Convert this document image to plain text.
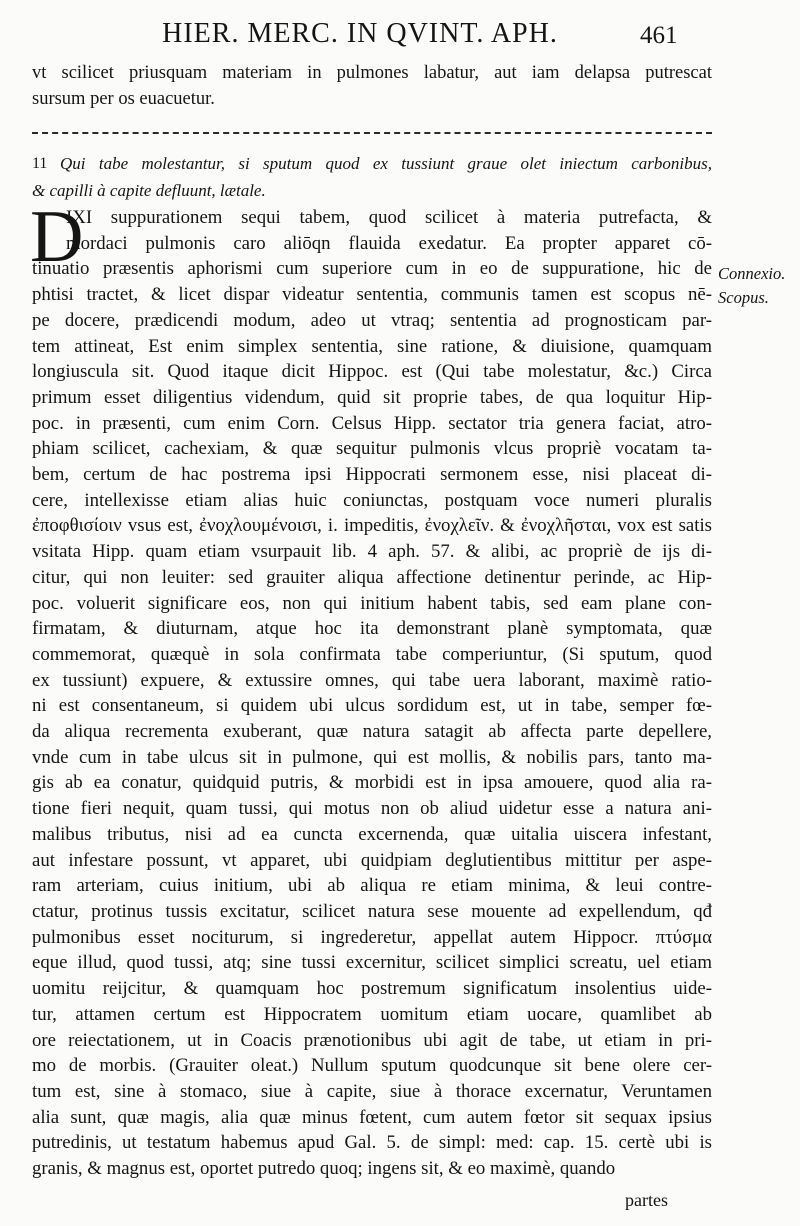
HIER. MERC. IN QVINT. APH.	461
vt scilicet priusquam materiam in pulmones labatur, aut iam delapsa putrescat
sursum per os euacuetur.
11 Qui tabe molestantur, si sputum quod ex tussiunt graue olet iniectum carbonibus,
& capilli à capite defluunt, lætale.
D
IXI suppurationem sequi tabem, quod scilicet à materia putrefacta, &
mordaci pulmonis caro aliōqn flauida exedatur. Ea propter apparet cō-
tinuatio præsentis aphorismi cum superiore cum in eo de suppuratione, hic de
phtisi tractet, & licet dispar videatur sententia, communis tamen est scopus nē-
pe docere, prædicendi modum, adeo ut vtraq; sententia ad prognosticam par-
tem attineat, Est enim simplex sententia, sine ratione, & diuisione, quamquam
longiuscula sit. Quod itaque dicit Hippoc. est (Qui tabe molestatur, &c.) Circa
primum esset diligentius videndum, quid sit proprie tabes, de qua loquitur Hip-
poc. in præsenti, cum enim Corn. Celsus Hipp. sectator tria genera faciat, atro-
phiam scilicet, cachexiam, & quæ sequitur pulmonis vlcus propriè vocatam ta-
bem, certum de hac postrema ipsi Hippocrati sermonem esse, nisi placeat di-
cere, intellexisse etiam alias huic coniunctas, postquam voce numeri pluralis
ἐποφθισίοιν vsus est, ἐνοχλουμένοισι, i. impeditis, ἐνοχλεῖν. & ἐνοχλῆσται, vox est satis
vsitata Hipp. quam etiam vsurpauit lib. 4 aph. 57. & alibi, ac propriè de ijs di-
citur, qui non leuiter: sed grauiter aliqua affectione detinentur perinde, ac Hip-
poc. voluerit significare eos, non qui initium habent tabis, sed eam plane con-
firmatam, & diuturnam, atque hoc ita demonstrant planè symptomata, quæ
commemorat, quæquè in sola confirmata tabe comperiuntur, (Si sputum, quod
ex tussiunt) expuere, & extussire omnes, qui tabe uera laborant, maximè ratio-
ni est consentaneum, si quidem ubi ulcus sordidum est, ut in tabe, semper fœ-
da aliqua recrementa exuberant, quæ natura satagit ab affecta parte depellere,
vnde cum in tabe ulcus sit in pulmone, qui est mollis, & nobilis pars, tanto ma-
gis ab ea conatur, quidquid putris, & morbidi est in ipsa amouere, quod alia ra-
tione fieri nequit, quam tussi, qui motus non ob aliud uidetur esse a natura ani-
malibus tributus, nisi ad ea cuncta excernenda, quæ uitalia uiscera infestant,
aut infestare possunt, vt apparet, ubi quidpiam deglutientibus mittitur per aspe-
ram arteriam, cuius initium, ubi ab aliqua re etiam minima, & leui contre-
ctatur, protinus tussis excitatur, scilicet natura sese mouente ad expellendum, qđ
pulmonibus esset nociturum, si ingrederetur, appellat autem Hippocr. πτύσμα
eque illud, quod tussi, atq; sine tussi excernitur, scilicet simplici screatu, uel etiam
uomitu reijcitur, & quamquam hoc postremum significatum insolentius uide-
tur, attamen certum est Hippocratem uomitum etiam uocare, quamlibet ab
ore reiectationem, ut in Coacis prænotionibus ubi agit de tabe, ut etiam in pri-
mo de morbis. (Grauiter oleat.) Nullum sputum quodcunque sit bene olere cer-
tum est, sine à stomaco, siue à capite, siue à thorace excernatur, Veruntamen
alia sunt, quæ magis, alia quæ minus fœtent, cum autem fœtor sit sequax ipsius
putredinis, ut testatum habemus apud Gal. 5. de simpl: med: cap. 15. certè ubi is
granis, & magnus est, oportet putredo quoq; ingens sit, & eo maximè, quando
Connexio.
Scopus.
partes
